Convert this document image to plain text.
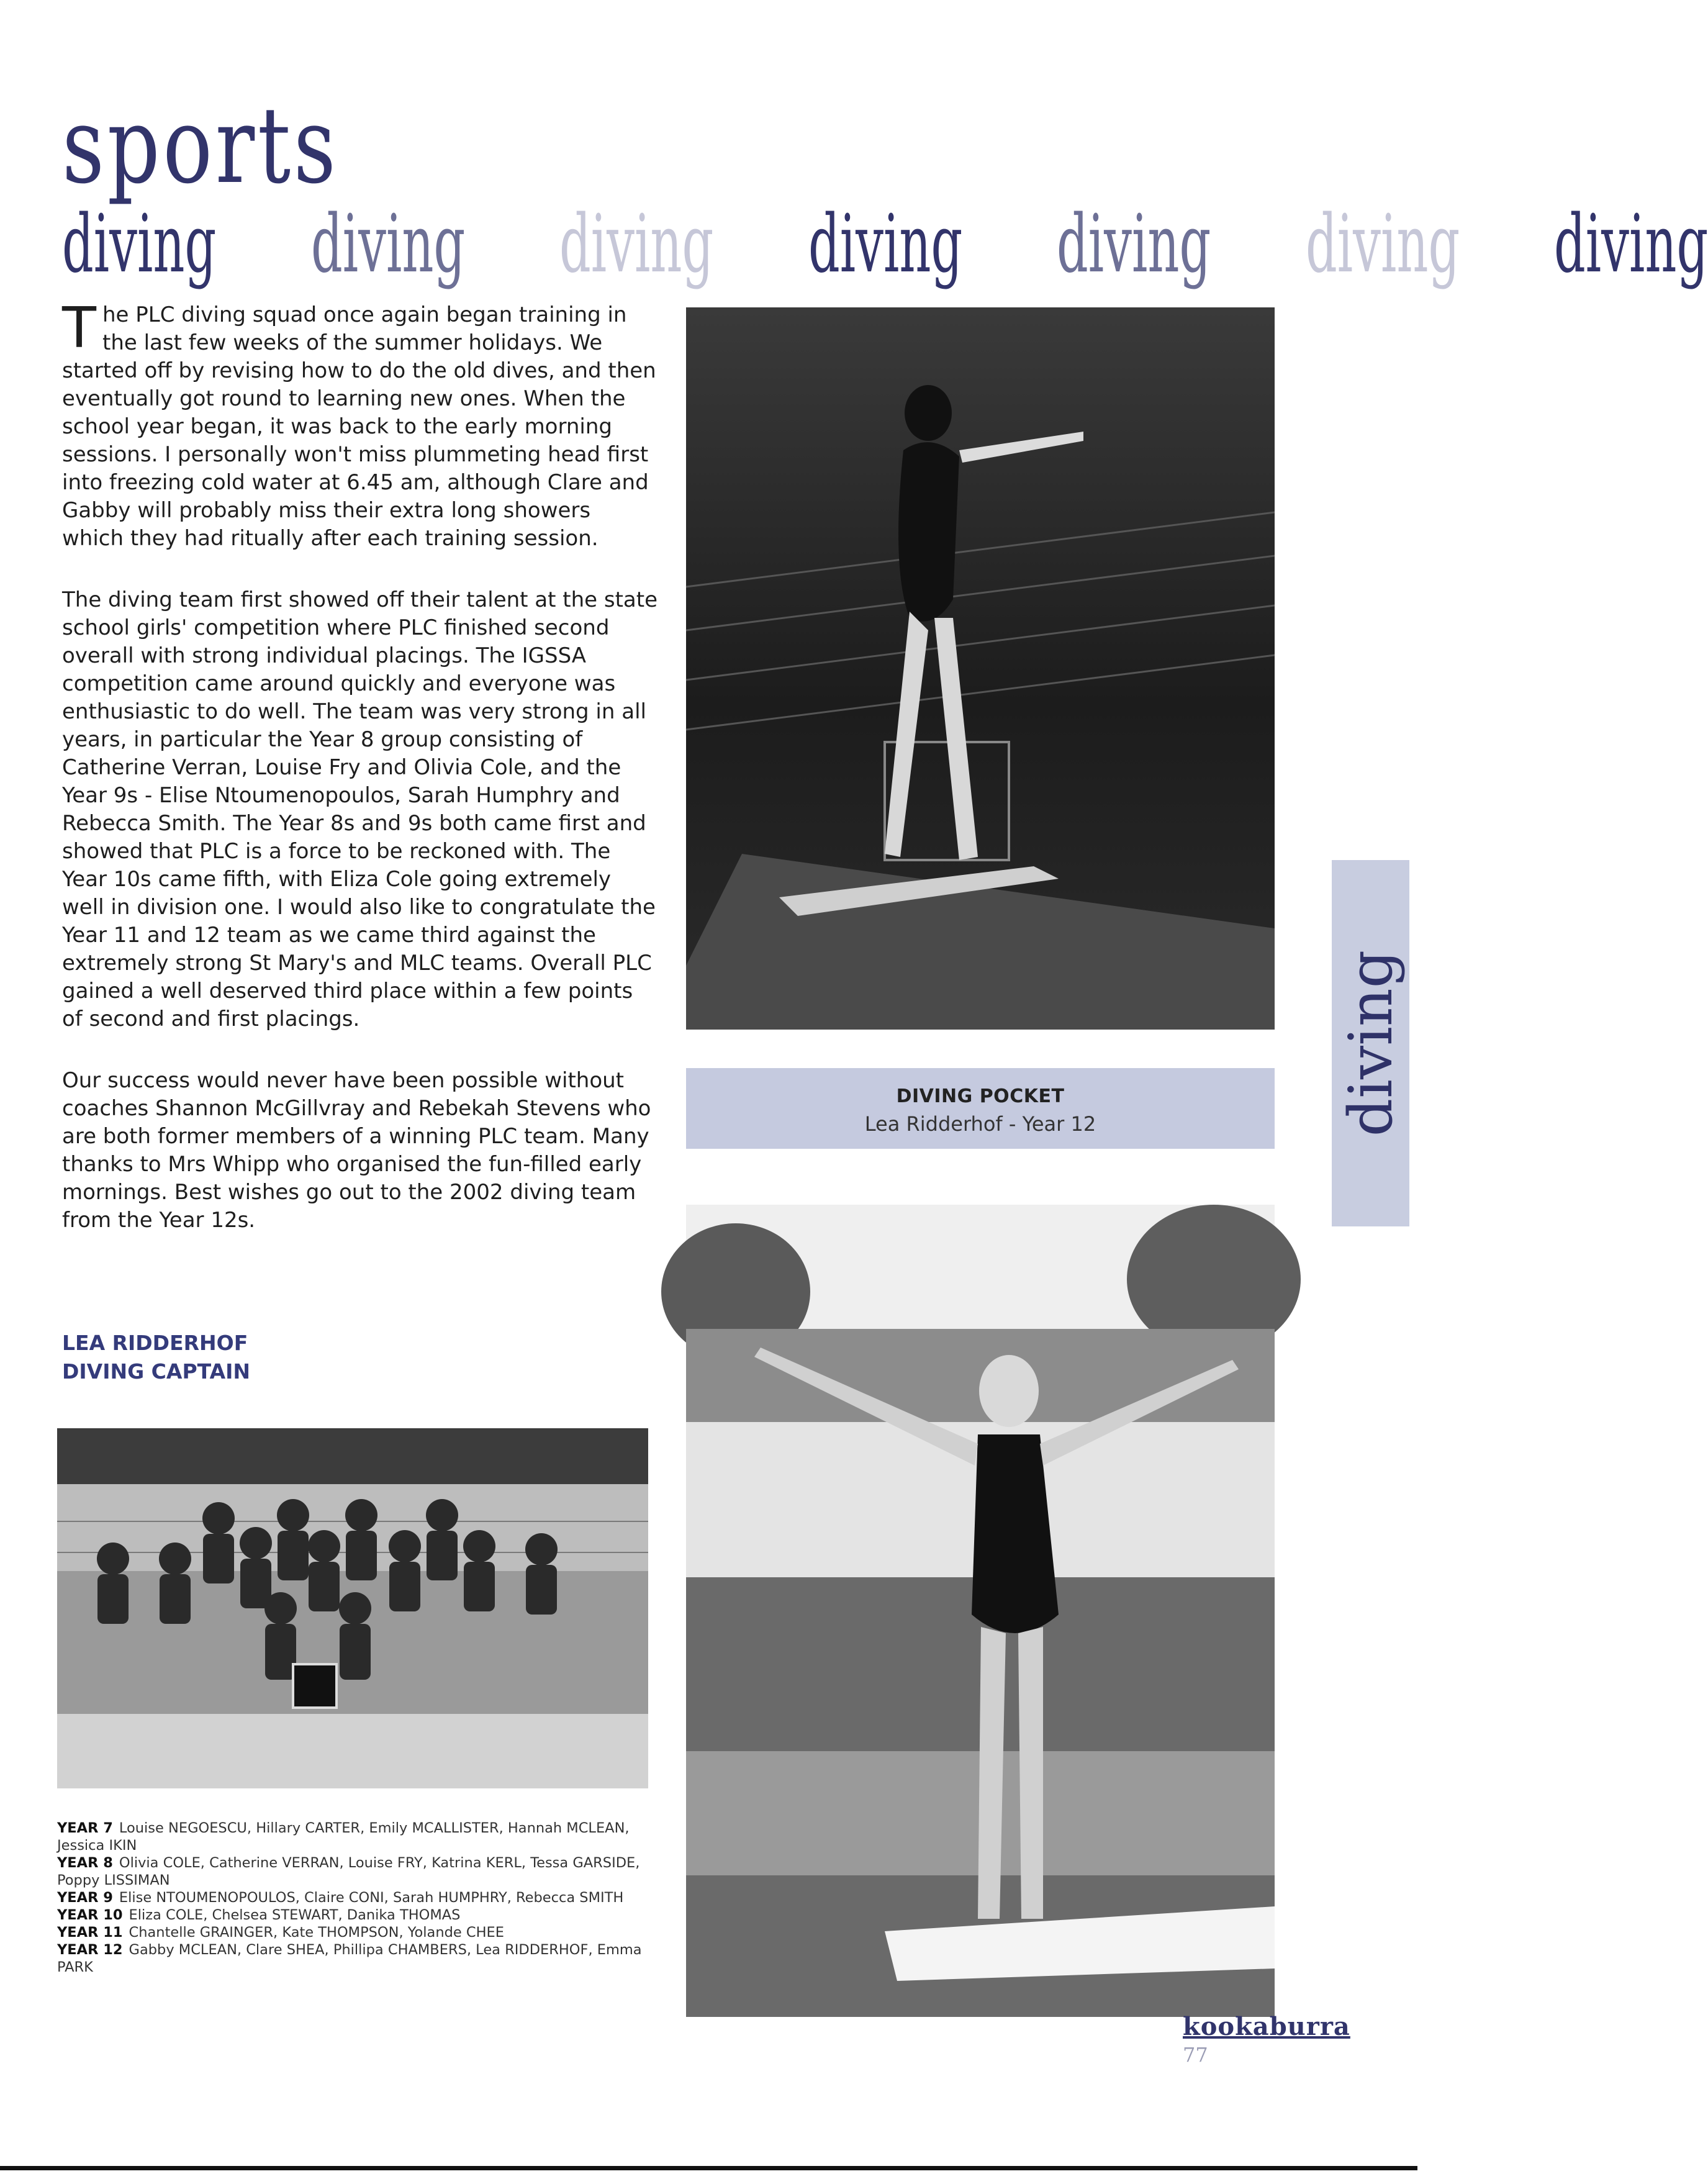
sports
diving diving diving diving diving diving diving

The PLC diving squad once again began training in the last few weeks of the summer holidays. We started off by revising how to do the old dives, and then eventually got round to learning new ones. When the school year began, it was back to the early morning sessions. I personally won't miss plummeting head first into freezing cold water at 6.45 am, although Clare and Gabby will probably miss their extra long showers which they had ritually after each training session.

The diving team first showed off their talent at the state school girls' competition where PLC finished second overall with strong individual placings. The IGSSA competition came around quickly and everyone was enthusiastic to do well. The team was very strong in all years, in particular the Year 8 group consisting of Catherine Verran, Louise Fry and Olivia Cole, and the Year 9s - Elise Ntoumenopoulos, Sarah Humphry and Rebecca Smith. The Year 8s and 9s both came first and showed that PLC is a force to be reckoned with. The Year 10s came fifth, with Eliza Cole going extremely well in division one. I would also like to congratulate the Year 11 and 12 team as we came third against the extremely strong St Mary's and MLC teams. Overall PLC gained a well deserved third place within a few points of second and first placings.

Our success would never have been possible without coaches Shannon McGillvray and Rebekah Stevens who are both former members of a winning PLC team. Many thanks to Mrs Whipp who organised the fun-filled early mornings. Best wishes go out to the 2002 diving team from the Year 12s.

LEA RIDDERHOF
DIVING CAPTAIN
DIVING POCKET
Lea Ridderhof - Year 12	diving
YEAR 7 Louise NEGOESCU, Hillary CARTER, Emily MCALLISTER, Hannah MCLEAN, Jessica IKIN
YEAR 8 Olivia COLE, Catherine VERRAN, Louise FRY, Katrina KERL, Tessa GARSIDE, Poppy LISSIMAN
YEAR 9 Elise NTOUMENOPOULOS, Claire CONI, Sarah HUMPHRY, Rebecca SMITH
YEAR 10 Eliza COLE, Chelsea STEWART, Danika THOMAS
YEAR 11 Chantelle GRAINGER, Kate THOMPSON, Yolande CHEE
YEAR 12 Gabby MCLEAN, Clare SHEA, Phillipa CHAMBERS, Lea RIDDERHOF, Emma PARK
kookaburra
77
